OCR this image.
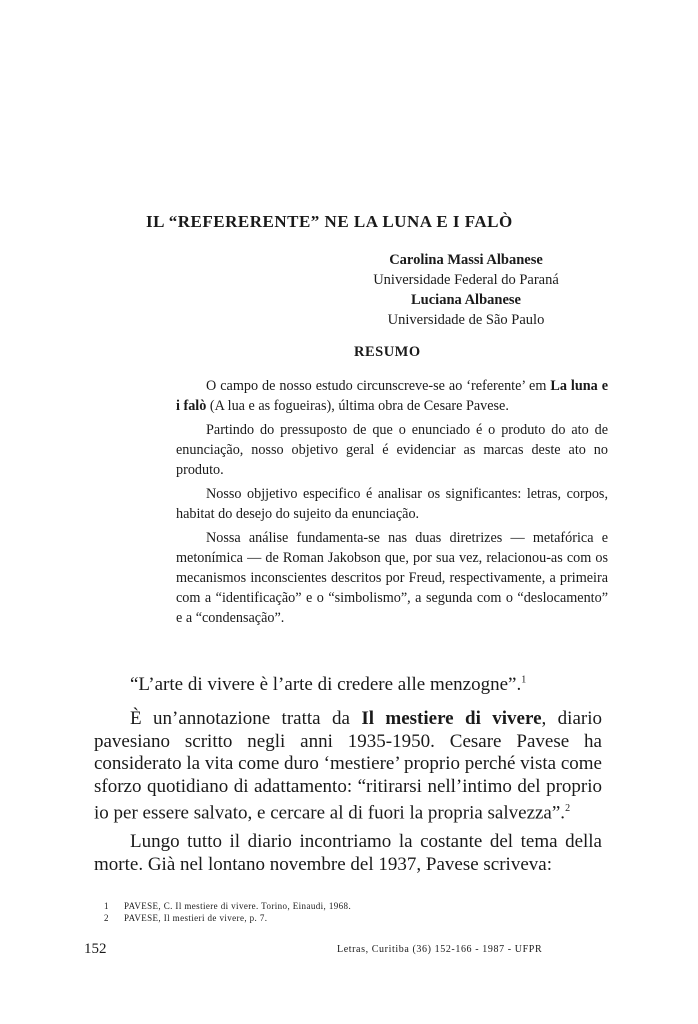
IL “REFERERENTE” NE LA LUNA E I FALÒ
Carolina Massi Albanese
Universidade Federal do Paraná
Luciana Albanese
Universidade de São Paulo
RESUMO

O campo de nosso estudo circunscreve-se ao ‘referente’ em La luna e i falò (A lua e as fogueiras), última obra de Cesare Pavese.

Partindo do pressuposto de que o enunciado é o produto do ato de enunciação, nosso objetivo geral é evidenciar as marcas deste ato no produto.

Nosso objjetivo especifico é analisar os significantes: letras, corpos, habitat do desejo do sujeito da enunciação.

Nossa análise fundamenta-se nas duas diretrizes — metafórica e metonímica — de Roman Jakobson que, por sua vez, relacionou-as com os mecanismos inconscientes descritos por Freud, respectivamente, a primeira com a “identificação” e o “simbolismo”, a segunda com o “deslocamento” e a “condensação”.

“L’arte di vivere è l’arte di credere alle menzogne”.$^1$

È un’annotazione tratta da Il mestiere di vivere, diario pavesiano scritto negli anni 1935-1950. Cesare Pavese ha considerato la vita come duro ‘mestiere’ proprio perché vista come sforzo quotidiano di adattamento: “ritirarsi nell’intimo del proprio io per essere salvato, e cercare al di fuori la propria salvezza”.$^2$

Lungo tutto il diario incontriamo la costante del tema della morte. Già nel lontano novembre del 1937, Pavese scriveva:

1 PAVESE, C. Il mestiere di vivere. Torino, Einaudi, 1968.
2 PAVESE, Il mestieri de vivere, p. 7.
152	Letras, Curitiba (36) 152-166 - 1987 - UFPR
